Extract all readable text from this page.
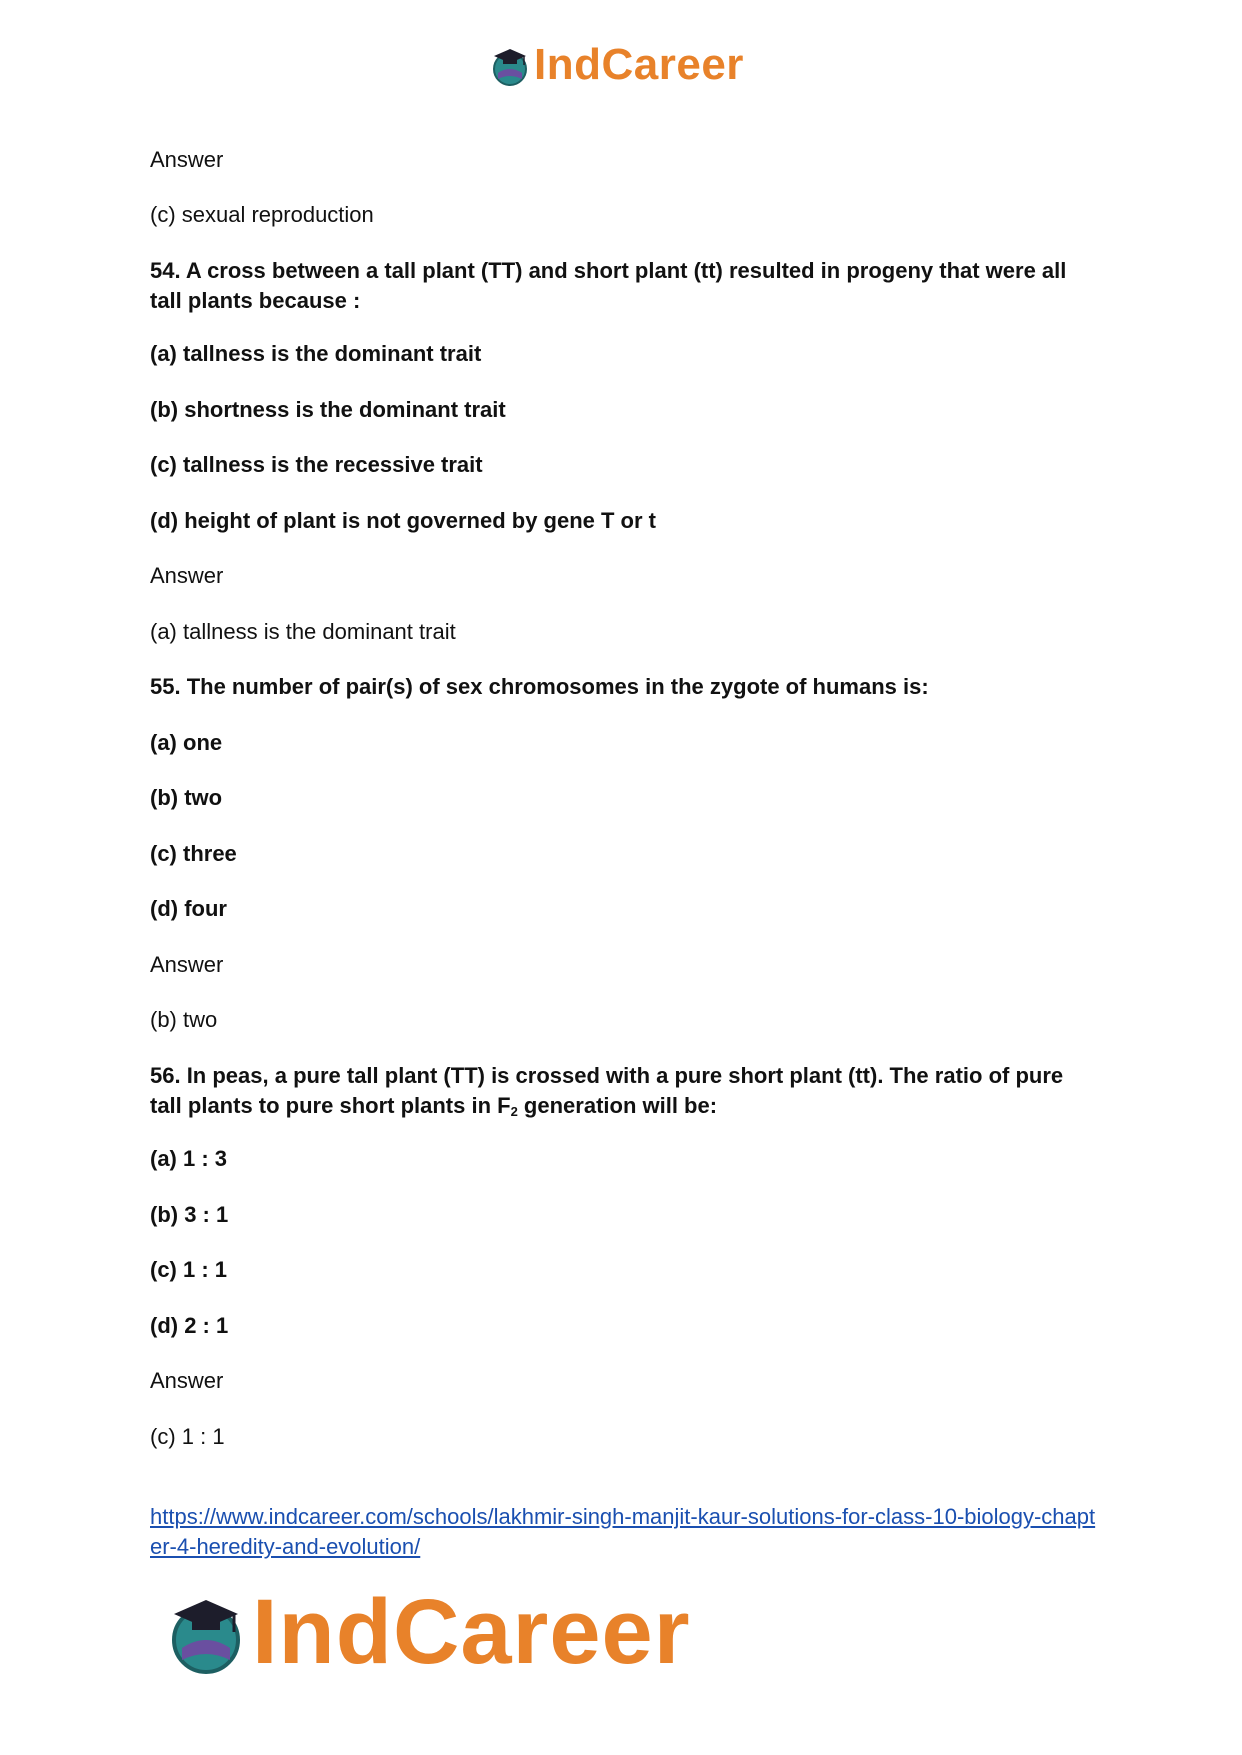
IndCareer

Answer

(c) sexual reproduction

54. A cross between a tall plant (TT) and short plant (tt) resulted in progeny that were all tall plants because :

(a) tallness is the dominant trait

(b) shortness is the dominant trait

(c) tallness is the recessive trait

(d) height of plant is not governed by gene T or t

Answer

(a) tallness is the dominant trait

55. The number of pair(s) of sex chromosomes in the zygote of humans is:

(a) one

(b) two

(c) three

(d) four

Answer

(b) two

56. In peas, a pure tall plant (TT) is crossed with a pure short plant (tt). The ratio of pure tall plants to pure short plants in $F_2$ generation will be:

(a) 1 : 3

(b) 3 : 1

(c) 1 : 1

(d) 2 : 1

Answer

(c) 1 : 1

https://www.indcareer.com/schools/lakhmir-singh-manjit-kaur-solutions-for-class-10-biology-chapter-4-heredity-and-evolution/

IndCareer
